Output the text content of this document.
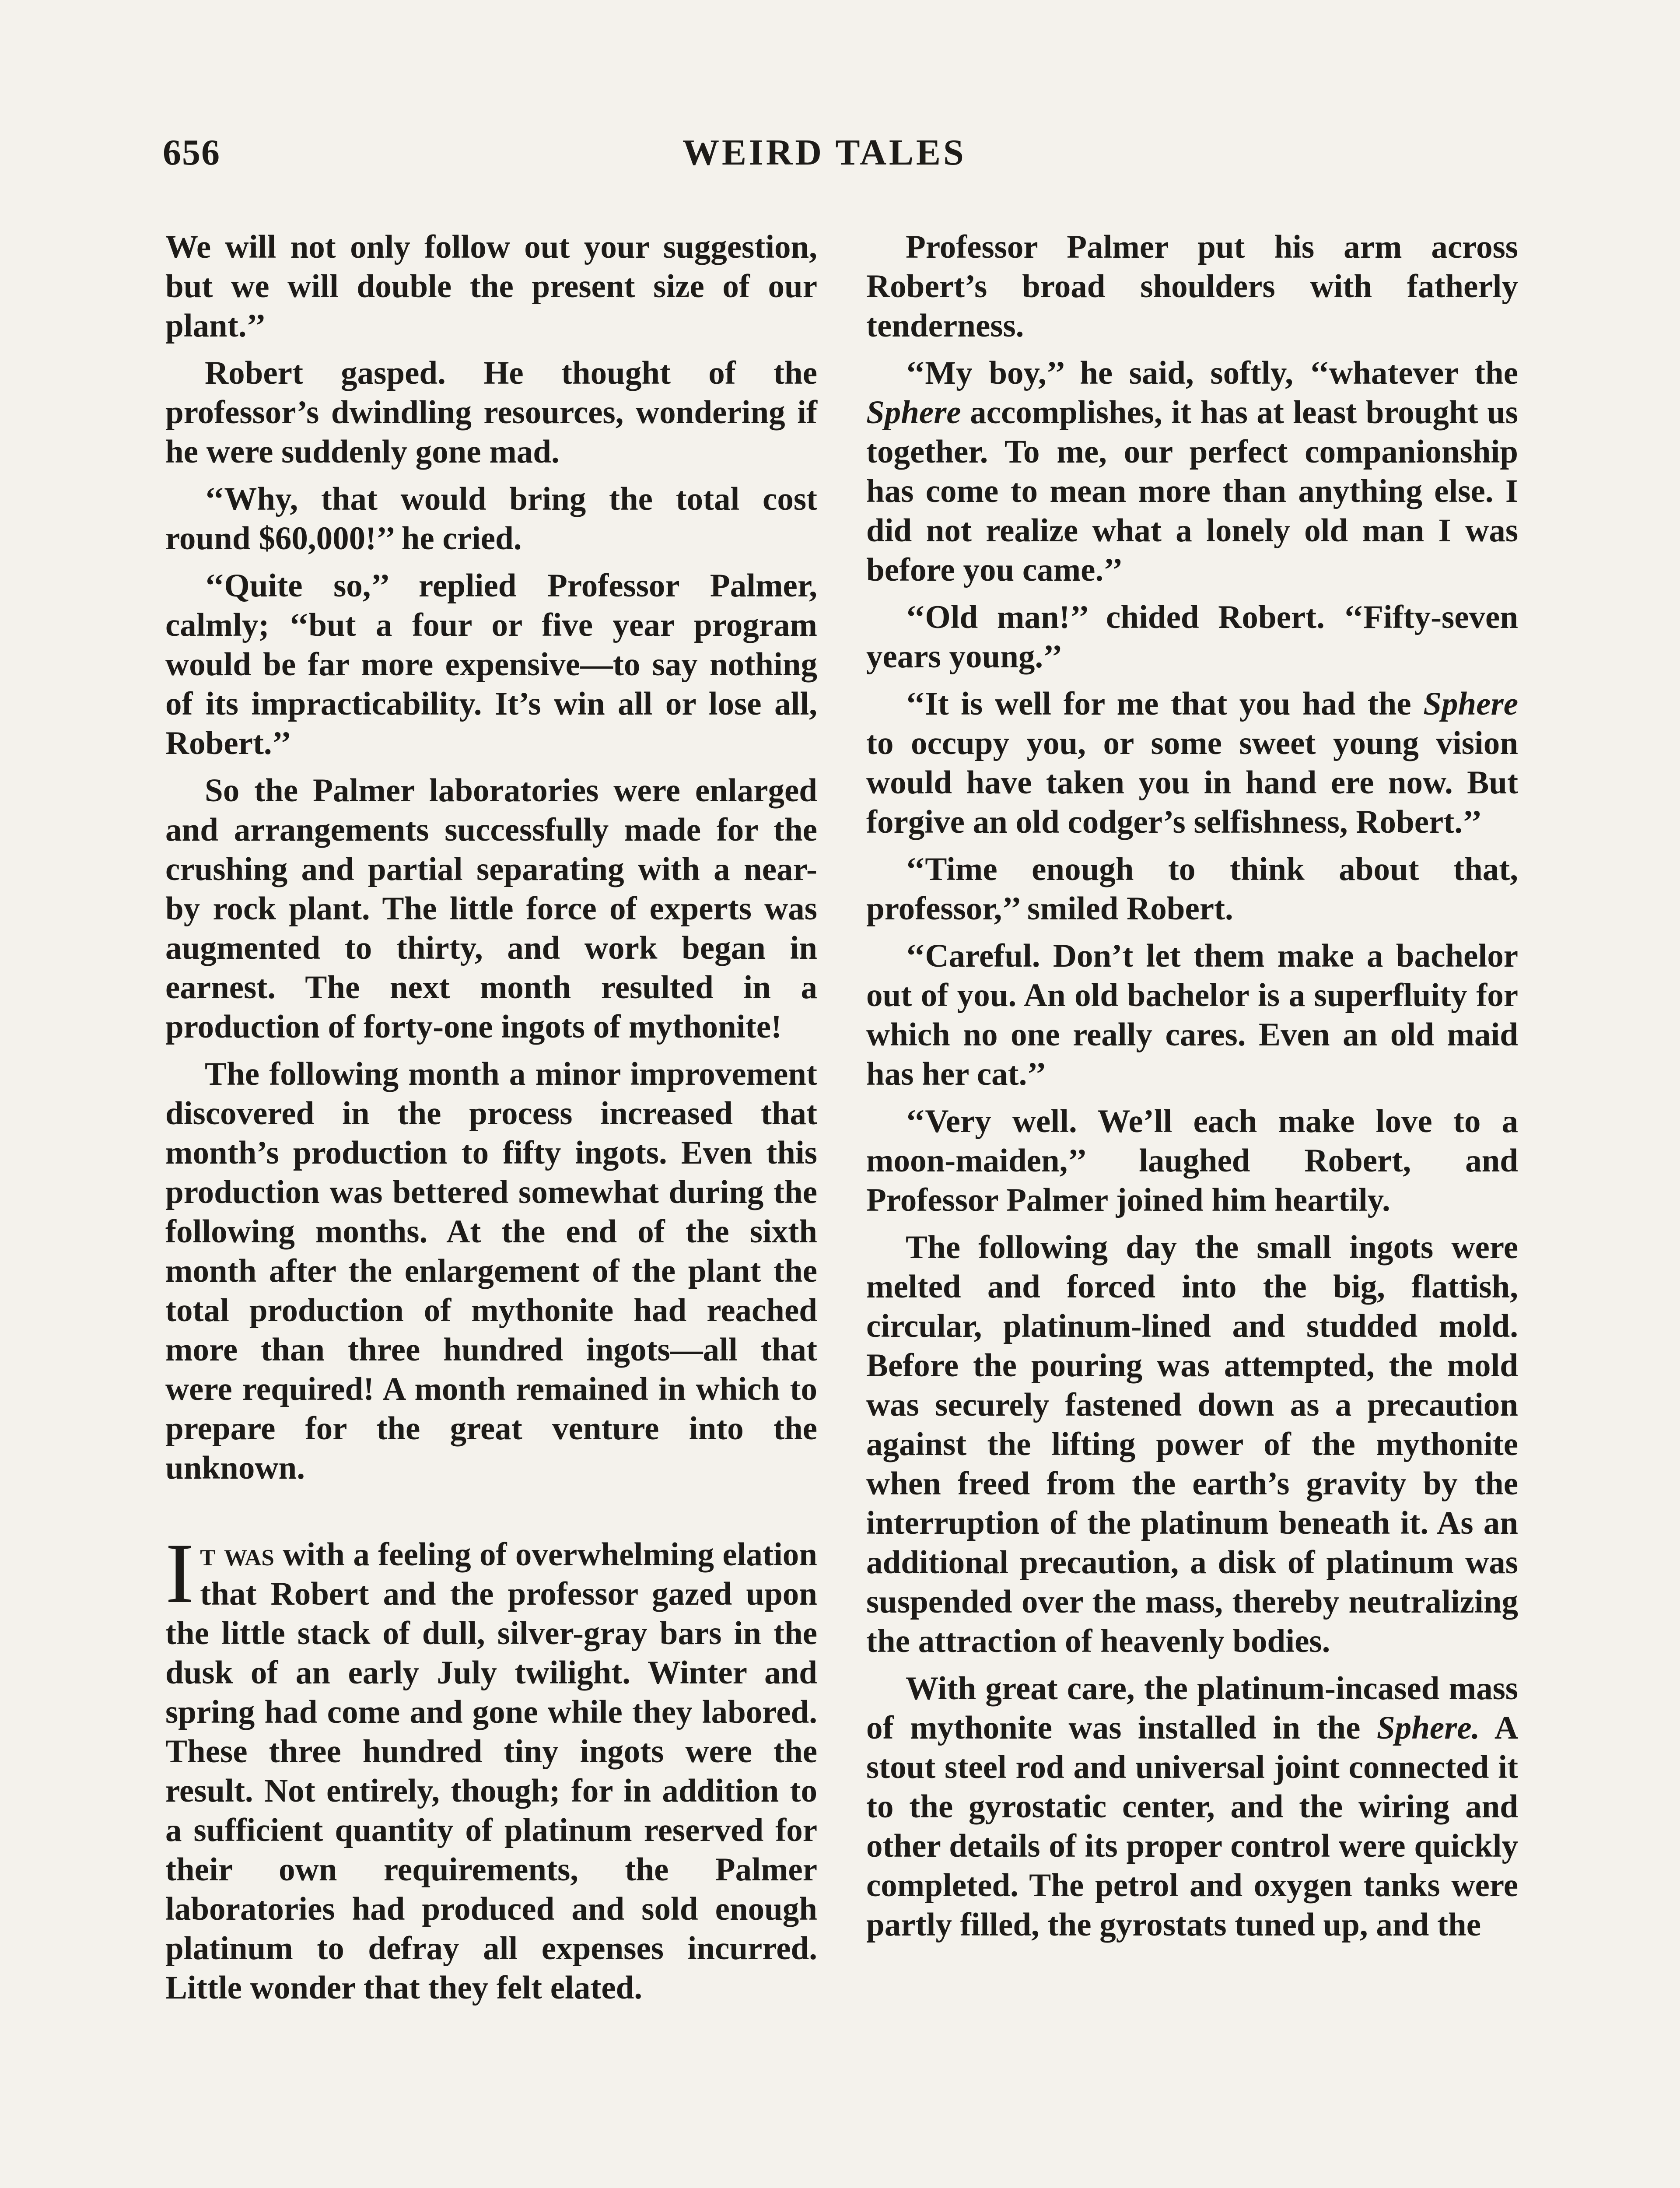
656	WEIRD TALES

We will not only follow out your suggestion, but we will double the present size of our plant.’’

Robert gasped. He thought of the professor’s dwindling resources, wondering if he were suddenly gone mad.

‘‘Why, that would bring the total cost round $60,000!’’ he cried.

‘‘Quite so,’’ replied Professor Palmer, calmly; ‘‘but a four or five year program would be far more expensive—to say nothing of its impracticability. It’s win all or lose all, Robert.’’

So the Palmer laboratories were enlarged and arrangements successfully made for the crushing and partial separating with a near-by rock plant. The little force of experts was augmented to thirty, and work began in earnest. The next month resulted in a production of forty-one ingots of mythonite!

The following month a minor improvement discovered in the process increased that month’s production to fifty ingots. Even this production was bettered somewhat during the following months. At the end of the sixth month after the enlargement of the plant the total production of mythonite had reached more than three hundred ingots—all that were required! A month remained in which to prepare for the great venture into the unknown.

It was with a feeling of overwhelming elation that Robert and the professor gazed upon the little stack of dull, silver-gray bars in the dusk of an early July twilight. Winter and spring had come and gone while they labored. These three hundred tiny ingots were the result. Not entirely, though; for in addition to a sufficient quantity of platinum reserved for their own requirements, the Palmer laboratories had produced and sold enough platinum to defray all expenses incurred. Little wonder that they felt elated.

Professor Palmer put his arm across Robert’s broad shoulders with fatherly tenderness.

‘‘My boy,’’ he said, softly, ‘‘whatever the Sphere accomplishes, it has at least brought us together. To me, our perfect companionship has come to mean more than anything else. I did not realize what a lonely old man I was before you came.’’

‘‘Old man!’’ chided Robert. ‘‘Fifty-seven years young.’’

‘‘It is well for me that you had the Sphere to occupy you, or some sweet young vision would have taken you in hand ere now. But forgive an old codger’s selfishness, Robert.’’

‘‘Time enough to think about that, professor,’’ smiled Robert.

‘‘Careful. Don’t let them make a bachelor out of you. An old bachelor is a superfluity for which no one really cares. Even an old maid has her cat.’’

‘‘Very well. We’ll each make love to a moon-maiden,’’ laughed Robert, and Professor Palmer joined him heartily.

The following day the small ingots were melted and forced into the big, flattish, circular, platinum-lined and studded mold. Before the pouring was attempted, the mold was securely fastened down as a precaution against the lifting power of the mythonite when freed from the earth’s gravity by the interruption of the platinum beneath it. As an additional precaution, a disk of platinum was suspended over the mass, thereby neutralizing the attraction of heavenly bodies.

With great care, the platinum-incased mass of mythonite was installed in the Sphere. A stout steel rod and universal joint connected it to the gyrostatic center, and the wiring and other details of its proper control were quickly completed. The petrol and oxygen tanks were partly filled, the gyrostats tuned up, and the
